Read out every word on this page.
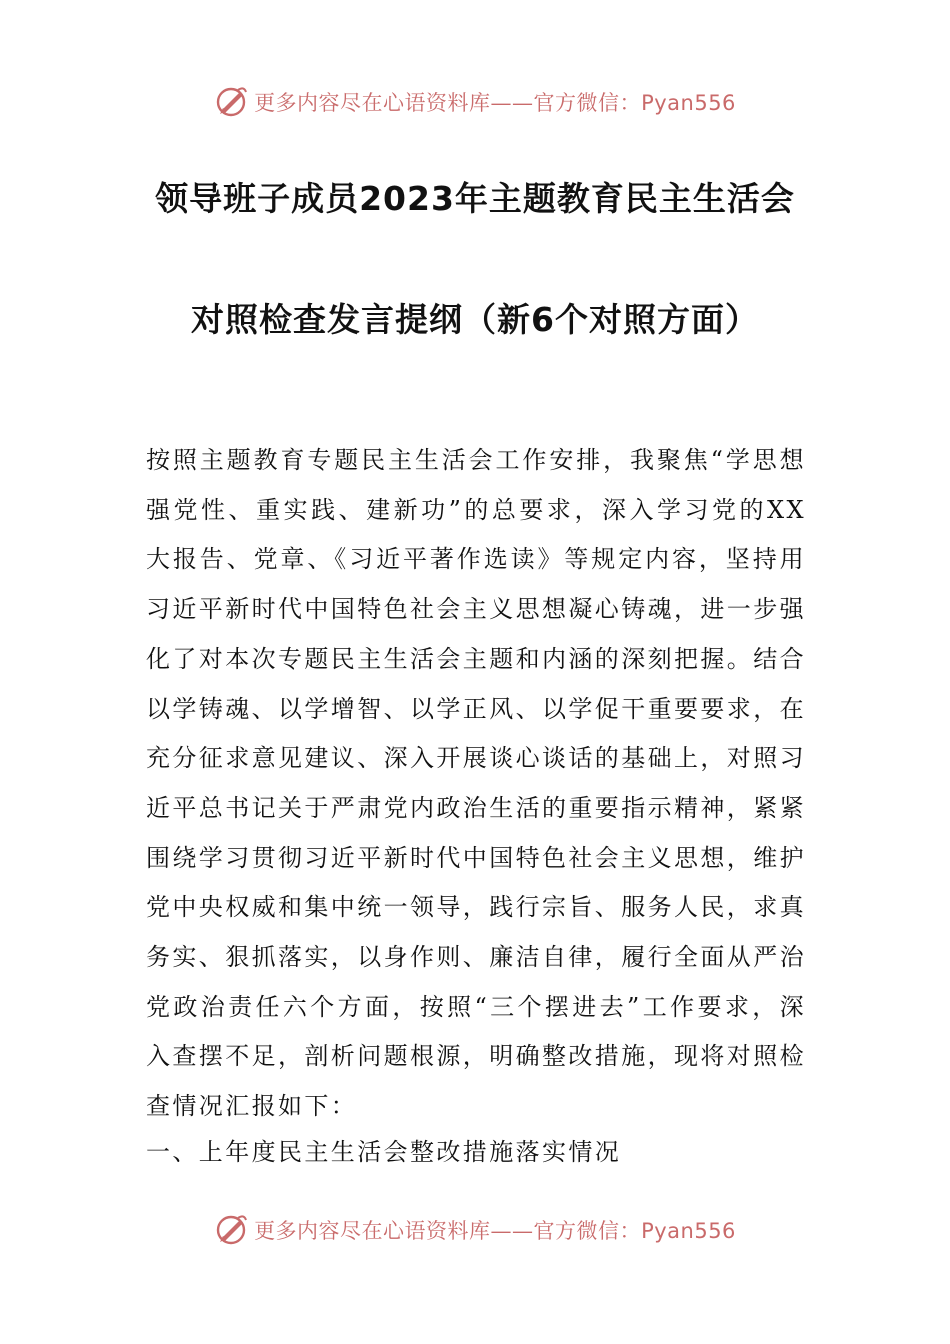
更多内容尽在心语资料库——官方微信：Pyan556
领导班子成员2023年主题教育民主生活会
对照检查发言提纲（新6个对照方面）

按照主题教育专题民主生活会工作安排，我聚焦“学思想强党性、重实践、建新功”的总要求，深入学习党的XX大报告、党章、《习近平著作选读》等规定内容，坚持用习近平新时代中国特色社会主义思想凝心铸魂，进一步强化了对本次专题民主生活会主题和内涵的深刻把握。结合以学铸魂、以学增智、以学正风、以学促干重要要求，在充分征求意见建议、深入开展谈心谈话的基础上，对照习近平总书记关于严肃党内政治生活的重要指示精神，紧紧围绕学习贯彻习近平新时代中国特色社会主义思想，维护党中央权威和集中统一领导，践行宗旨、服务人民，求真务实、狠抓落实，以身作则、廉洁自律，履行全面从严治党政治责任六个方面，按照“三个摆进去”工作要求，深入查摆不足，剖析问题根源，明确整改措施，现将对照检查情况汇报如下：

一、上年度民主生活会整改措施落实情况

更多内容尽在心语资料库——官方微信：Pyan556
